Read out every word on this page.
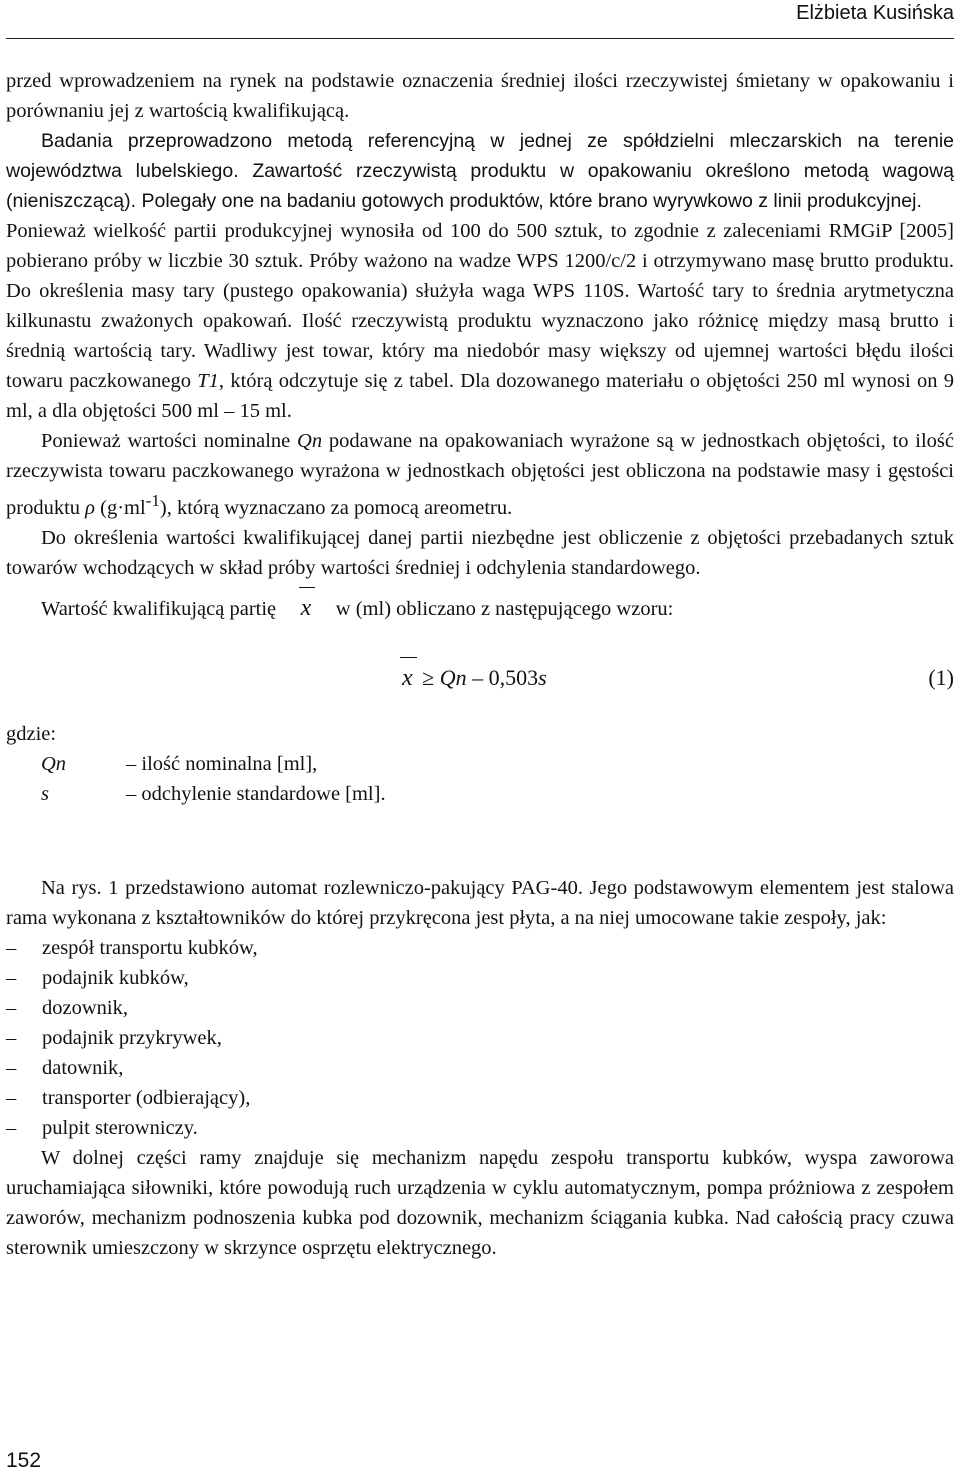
Elżbieta Kusińska

przed wprowadzeniem na rynek na podstawie oznaczenia średniej ilości rzeczywistej śmietany w opakowaniu i porównaniu jej z wartością kwalifikującą.

Badania przeprowadzono metodą referencyjną w jednej ze spółdzielni mleczarskich na terenie województwa lubelskiego. Zawartość rzeczywistą produktu w opakowaniu określono metodą wagową (nieniszczącą). Polegały one na badaniu gotowych produktów, które brano wyrywkowo z linii produkcyjnej.

Ponieważ wielkość partii produkcyjnej wynosiła od 100 do 500 sztuk, to zgodnie z zaleceniami RMGiP [2005] pobierano próby w liczbie 30 sztuk. Próby ważono na wadze WPS 1200/c/2 i otrzymywano masę brutto produktu. Do określenia masy tary (pustego opakowania) służyła waga WPS 110S. Wartość tary to średnia arytmetyczna kilkunastu zważonych opakowań. Ilość rzeczywistą produktu wyznaczono jako różnicę między masą brutto i średnią wartością tary. Wadliwy jest towar, który ma niedobór masy większy od ujemnej wartości błędu ilości towaru paczkowanego T1, którą odczytuje się z tabel. Dla dozowanego materiału o objętości 250 ml wynosi on 9 ml, a dla objętości 500 ml – 15 ml.

Ponieważ wartości nominalne Qn podawane na opakowaniach wyrażone są w jednostkach objętości, to ilość rzeczywista towaru paczkowanego wyrażona w jednostkach objętości jest obliczona na podstawie masy i gęstości produktu ρ $(g\cdot ml^{-1})$, którą wyznaczano za pomocą areometru.

Do określenia wartości kwalifikującej danej partii niezbędne jest obliczenie z objętości przebadanych sztuk towarów wchodzących w skład próby wartości średniej i odchylenia standardowego.

Wartość kwalifikującą partię x w (ml) obliczano z następującego wzoru:
x ≥ Qn – 0,503s	(1)
gdzie:
Qn	– ilość nominalna [ml],
s	– odchylenie standardowe [ml].

Na rys. 1 przedstawiono automat rozlewniczo-pakujący PAG-40. Jego podstawowym elementem jest stalowa rama wykonana z kształtowników do której przykręcona jest płyta, a na niej umocowane takie zespoły, jak:

– zespół transportu kubków,
– podajnik kubków,
– dozownik,
– podajnik przykrywek,
– datownik,
– transporter (odbierający),
– pulpit sterowniczy.

W dolnej części ramy znajduje się mechanizm napędu zespołu transportu kubków, wyspa zaworowa uruchamiająca siłowniki, które powodują ruch urządzenia w cyklu automatycznym, pompa próżniowa z zespołem zaworów, mechanizm podnoszenia kubka pod dozownik, mechanizm ściągania kubka. Nad całością pracy czuwa sterownik umieszczony w skrzynce osprzętu elektrycznego.

152
